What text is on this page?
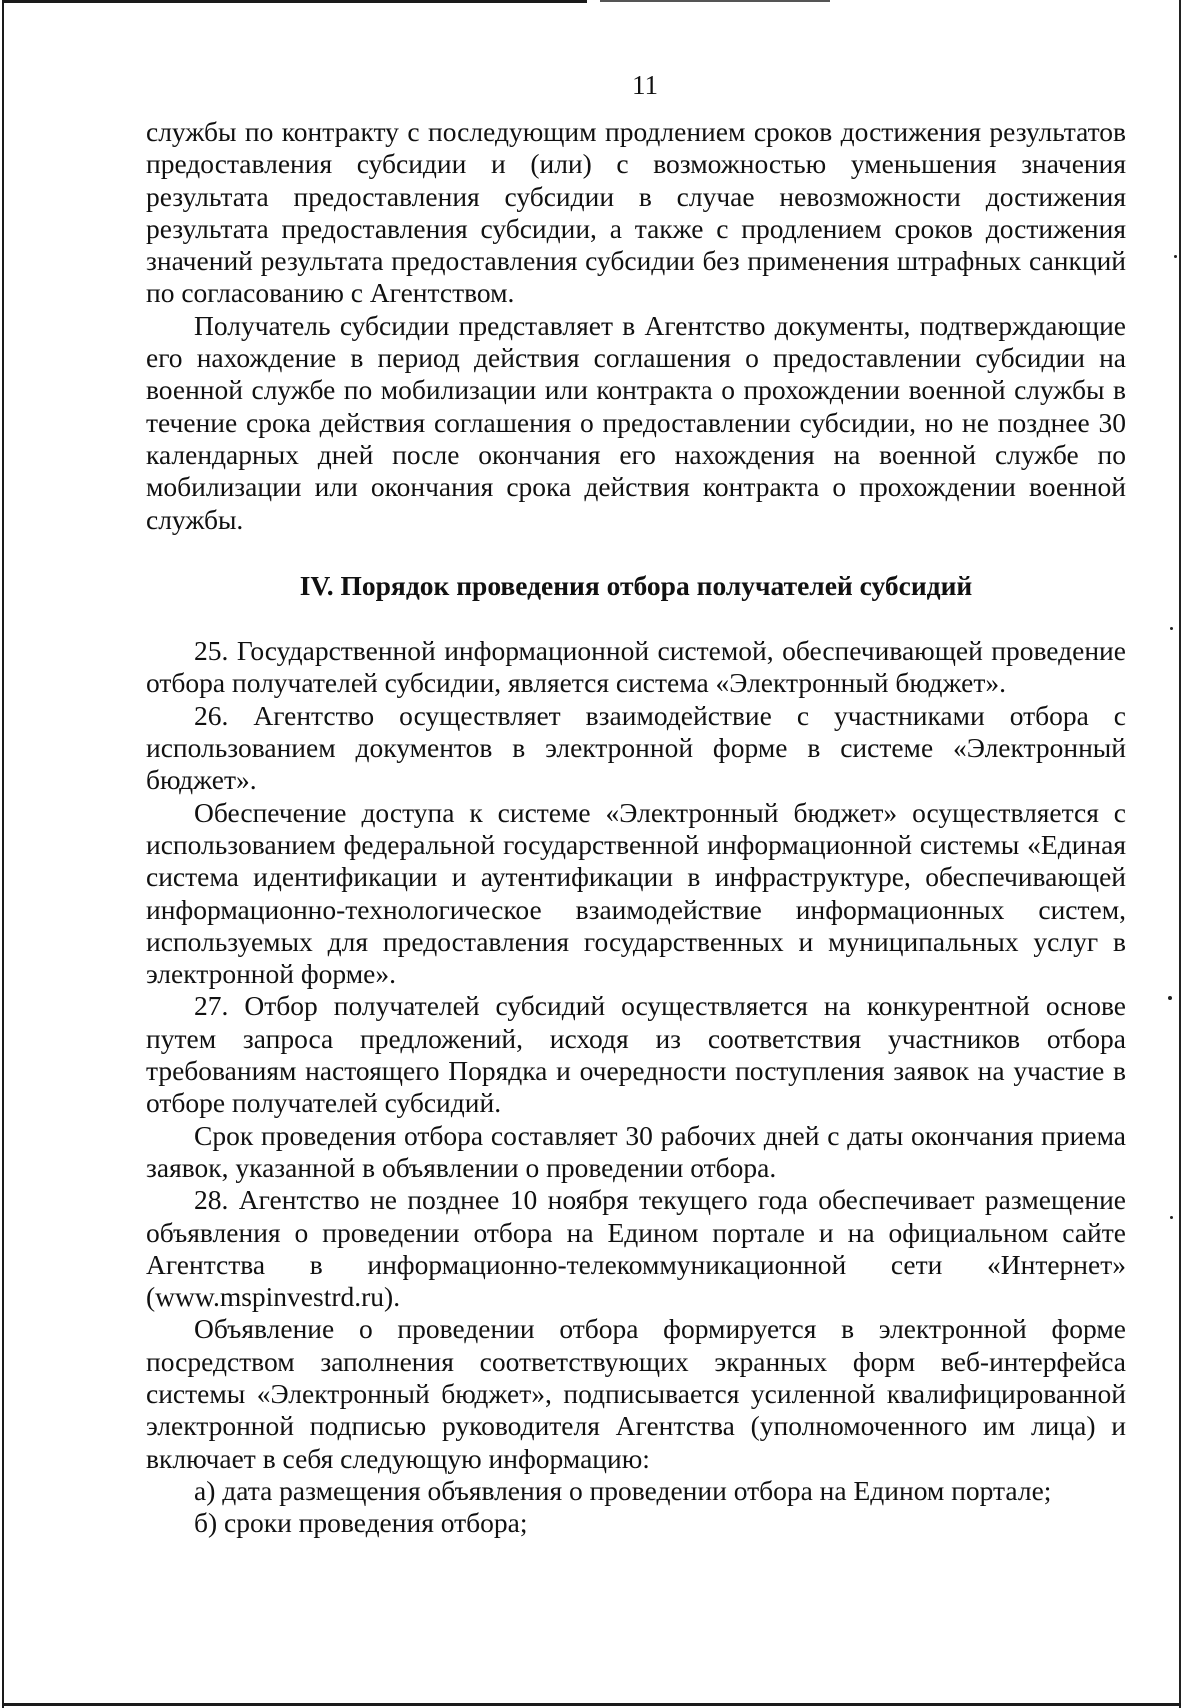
11

службы по контракту с последующим продлением сроков достижения результатов предоставления субсидии и (или) с возможностью уменьшения значения результата предоставления субсидии в случае невозможности достижения результата предоставления субсидии, а также с продлением сроков достижения значений результата предоставления субсидии без применения штрафных санкций по согласованию с Агентством.

Получатель субсидии представляет в Агентство документы, подтверждающие его нахождение в период действия соглашения о предоставлении субсидии на военной службе по мобилизации или контракта о прохождении военной службы в течение срока действия соглашения о предоставлении субсидии, но не позднее 30 календарных дней после окончания его нахождения на военной службе по мобилизации или окончания срока действия контракта о прохождении военной службы.

IV. Порядок проведения отбора получателей субсидий

25. Государственной информационной системой, обеспечивающей проведение отбора получателей субсидии, является система «Электронный бюджет».

26. Агентство осуществляет взаимодействие с участниками отбора с использованием документов в электронной форме в системе «Электронный бюджет».

Обеспечение доступа к системе «Электронный бюджет» осуществляется с использованием федеральной государственной информационной системы «Единая система идентификации и аутентификации в инфраструктуре, обеспечивающей информационно-технологическое взаимодействие информационных систем, используемых для предоставления государственных и муниципальных услуг в электронной форме».

27. Отбор получателей субсидий осуществляется на конкурентной основе путем запроса предложений, исходя из соответствия участников отбора требованиям настоящего Порядка и очередности поступления заявок на участие в отборе получателей субсидий.

Срок проведения отбора составляет 30 рабочих дней с даты окончания приема заявок, указанной в объявлении о проведении отбора.

28. Агентство не позднее 10 ноября текущего года обеспечивает размещение объявления о проведении отбора на Едином портале и на официальном сайте Агентства в информационно-телекоммуникационной сети «Интернет» (www.mspinvestrd.ru).

Объявление о проведении отбора формируется в электронной форме посредством заполнения соответствующих экранных форм веб-интерфейса системы «Электронный бюджет», подписывается усиленной квалифицированной электронной подписью руководителя Агентства (уполномоченного им лица) и включает в себя следующую информацию:

а) дата размещения объявления о проведении отбора на Едином портале;

б) сроки проведения отбора;
